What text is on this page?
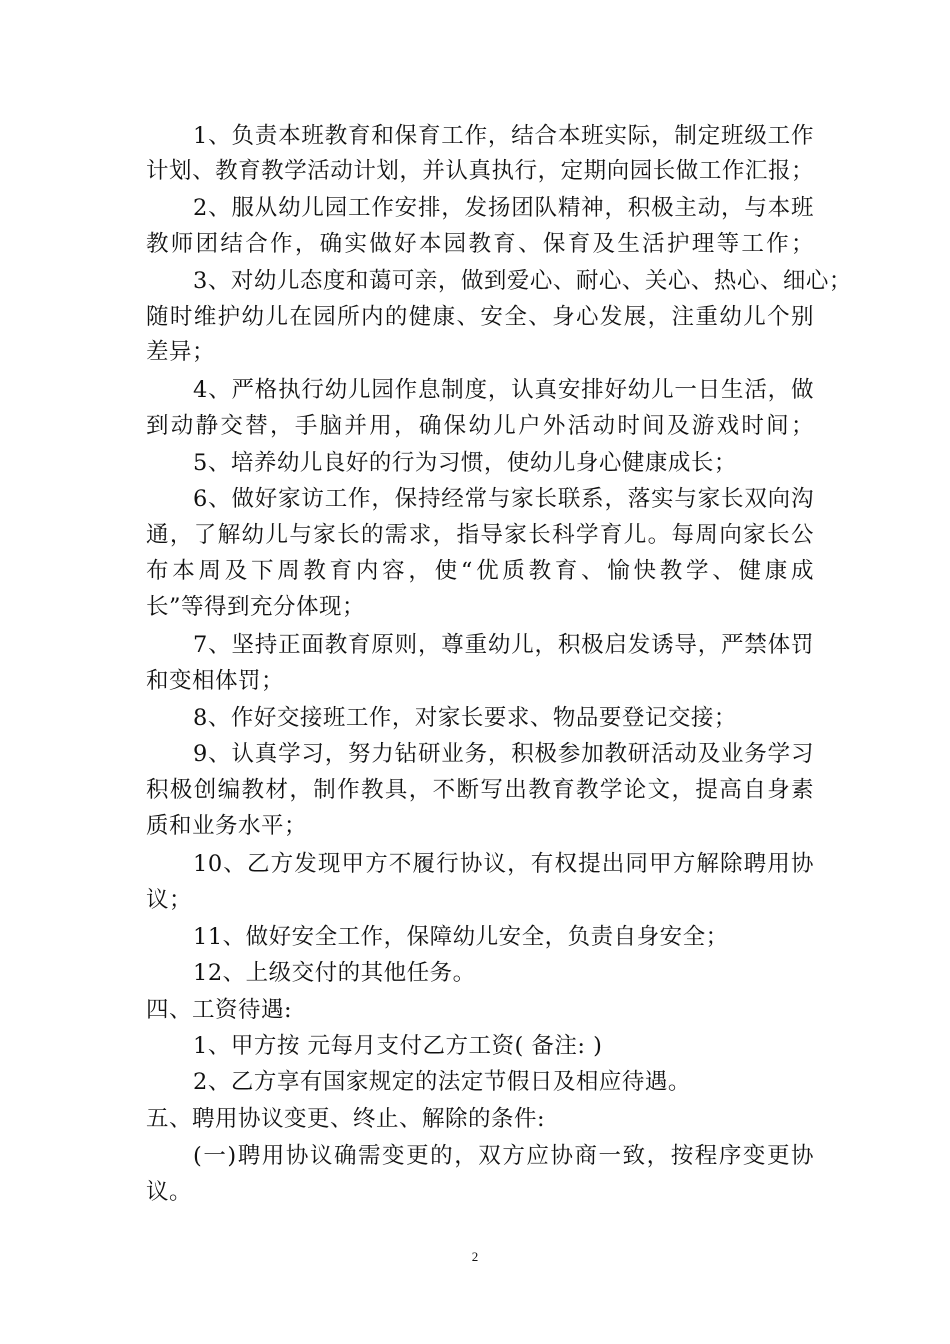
1、负责本班教育和保育工作，结合本班实际，制定班级工作
计划、教育教学活动计划，并认真执行，定期向园长做工作汇报；
2、服从幼儿园工作安排，发扬团队精神，积极主动，与本班
教师团结合作，确实做好本园教育、保育及生活护理等工作；
3、对幼儿态度和蔼可亲，做到爱心、耐心、关心、热心、细心；
随时维护幼儿在园所内的健康、安全、身心发展，注重幼儿个别
差异；
4、严格执行幼儿园作息制度，认真安排好幼儿一日生活，做
到动静交替，手脑并用，确保幼儿户外活动时间及游戏时间；
5、培养幼儿良好的行为习惯，使幼儿身心健康成长；
6、做好家访工作，保持经常与家长联系，落实与家长双向沟
通，了解幼儿与家长的需求，指导家长科学育儿。每周向家长公
布本周及下周教育内容，使“优质教育、愉快教学、健康成
长”等得到充分体现；
7、坚持正面教育原则，尊重幼儿，积极启发诱导，严禁体罚
和变相体罚；
8、作好交接班工作，对家长要求、物品要登记交接；
9、认真学习，努力钻研业务，积极参加教研活动及业务学习
积极创编教材，制作教具，不断写出教育教学论文，提高自身素
质和业务水平；
10、乙方发现甲方不履行协议，有权提出同甲方解除聘用协
议；
11、做好安全工作，保障幼儿安全，负责自身安全；
12、上级交付的其他任务。
四、工资待遇:
1、甲方按 元每月支付乙方工资( 备注: )
2、乙方享有国家规定的法定节假日及相应待遇。
五、聘用协议变更、终止、解除的条件:
(一)聘用协议确需变更的，双方应协商一致，按程序变更协
议。
2
